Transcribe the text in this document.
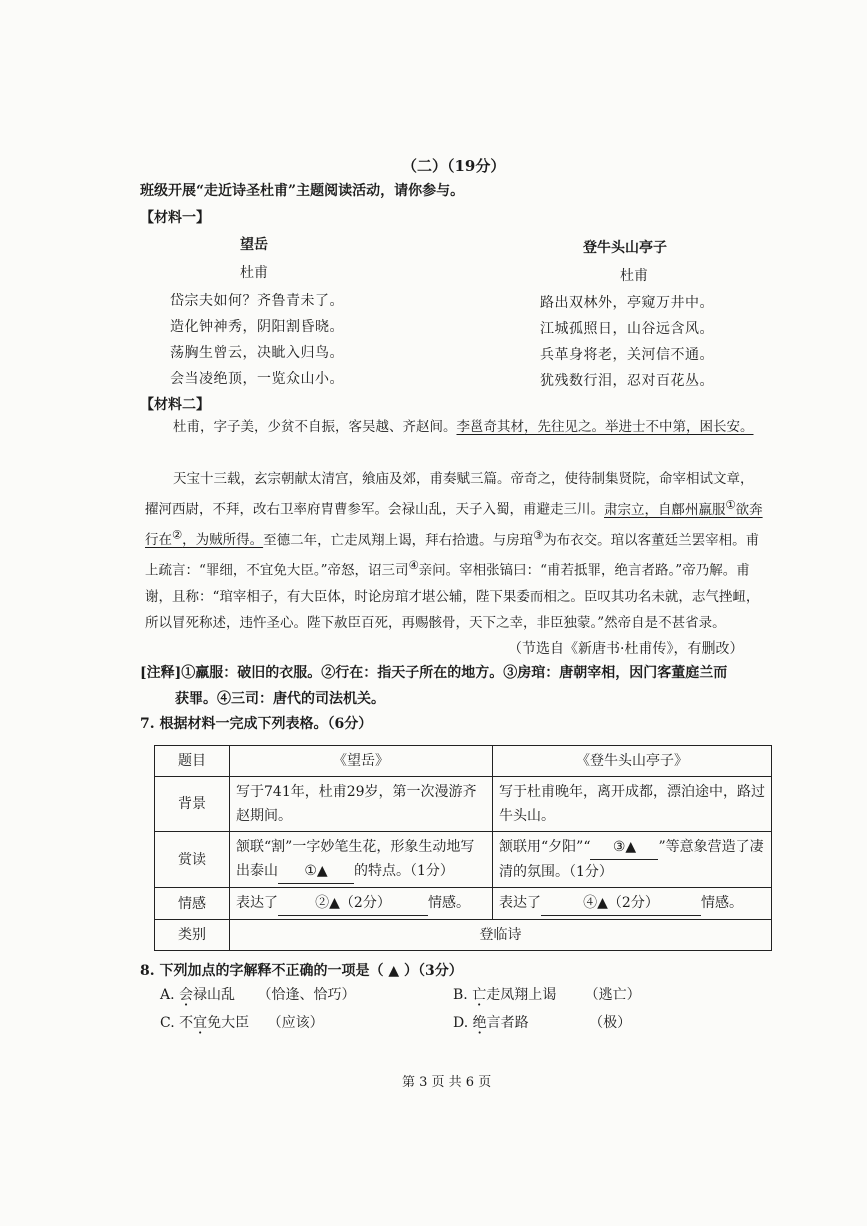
（二）（19分）
班级开展“走近诗圣杜甫”主题阅读活动，请你参与。
【材料一】
望岳
杜甫
岱宗夫如何？齐鲁青未了。
造化钟神秀，阴阳割昏晓。
荡胸生曾云，决眦入归鸟。
会当凌绝顶，一览众山小。
登牛头山亭子
杜甫
路出双林外，亭窥万井中。
江城孤照日，山谷远含风。
兵革身将老，关河信不通。
犹残数行泪，忍对百花丛。
【材料二】
杜甫，字子美，少贫不自振，客吴越、齐赵间。李邕奇其材，先往见之。举进士不中第，困长安。
天宝十三载，玄宗朝献太清宫，飨庙及郊，甫奏赋三篇。帝奇之，使待制集贤院，命宰相试文章，擢河西尉，不拜，改右卫率府胄曹参军。会禄山乱，天子入蜀，甫避走三川。肃宗立，自鄜州羸服①欲奔行在②，为贼所得。至德二年，亡走凤翔上谒，拜右拾遗。与房琯③为布衣交。琯以客董廷兰罢宰相。甫上疏言：“罪细，不宜免大臣。”帝怒，诏三司④亲问。宰相张镐曰：“甫若抵罪，绝言者路。”帝乃解。甫谢，且称：“琯宰相子，有大臣体，时论房琯才堪公辅，陛下果委而相之。臣叹其功名未就，志气挫衄，所以冒死称述，违忤圣心。陛下赦臣百死，再赐骸骨，天下之幸，非臣独蒙。”然帝自是不甚省录。
（节选自《新唐书·杜甫传》，有删改）
[注释]①羸服：破旧的衣服。②行在：指天子所在的地方。③房琯：唐朝宰相，因门客董庭兰而
获罪。④三司：唐代的司法机关。
7. 根据材料一完成下列表格。（6分）
题目	《望岳》	《登牛头山亭子》
背景	写于741年，杜甫29岁，第一次漫游齐赵期间。	写于杜甫晚年，离开成都，漂泊途中，路过牛头山。
赏读	颔联“割”一字妙笔生花，形象生动地写出泰山 ①▲ 的特点。（1分）	颔联用“夕阳”“ ③▲ ”等意象营造了凄清的氛围。（1分）
情感	表达了 ②▲（2分） 情感。	表达了 ④▲（2分） 情感。
类别	登临诗	
8. 下列加点的字解释不正确的一项是（ ▲ ）（3分）
A. 会禄山乱 （恰逢、恰巧）	B. 亡走凤翔上谒 （逃亡）
C. 不宜免大臣 （应该）	D. 绝言者路	（极）
第 3 页 共 6 页
